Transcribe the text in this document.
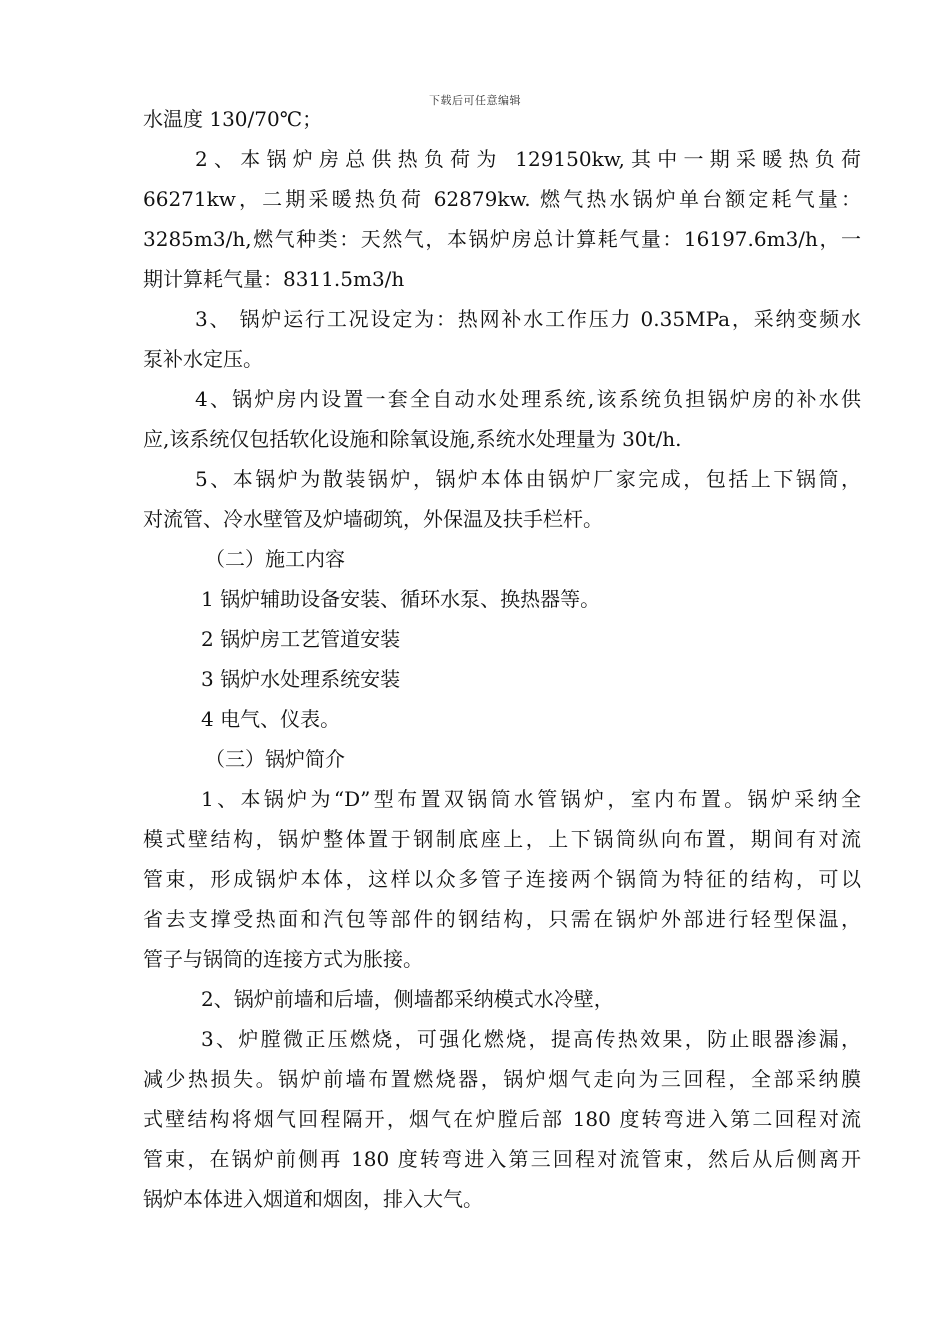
下载后可任意编辑
水温度 130/70℃；
2、本锅炉房总供热负荷为 129150kw,其中一期采暖热负荷
66271kw，二期采暖热负荷 62879kw. 燃气热水锅炉单台额定耗气量：
3285m3/h,燃气种类：天然气，本锅炉房总计算耗气量：16197.6m3/h，一
期计算耗气量：8311.5m3/h
3、 锅炉运行工况设定为：热网补水工作压力 0.35MPa，采纳变频水
泵补水定压。
4、锅炉房内设置一套全自动水处理系统,该系统负担锅炉房的补水供
应,该系统仅包括软化设施和除氧设施,系统水处理量为 30t/h.
5、本锅炉为散装锅炉，锅炉本体由锅炉厂家完成，包括上下锅筒，
对流管、冷水壁管及炉墙砌筑，外保温及扶手栏杆。
（二）施工内容
1 锅炉辅助设备安装、循环水泵、换热器等。
2 锅炉房工艺管道安装
3 锅炉水处理系统安装
4 电气、仪表。
（三）锅炉简介
1、本锅炉为“D”型布置双锅筒水管锅炉，室内布置。锅炉采纳全
模式壁结构，锅炉整体置于钢制底座上，上下锅筒纵向布置，期间有对流
管束，形成锅炉本体，这样以众多管子连接两个锅筒为特征的结构，可以
省去支撑受热面和汽包等部件的钢结构，只需在锅炉外部进行轻型保温，
管子与锅筒的连接方式为胀接。
2、锅炉前墙和后墙，侧墙都采纳模式水冷壁，
3、炉膛微正压燃烧，可强化燃烧，提高传热效果，防止眼器渗漏，
减少热损失。锅炉前墙布置燃烧器，锅炉烟气走向为三回程，全部采纳膜
式壁结构将烟气回程隔开，烟气在炉膛后部 180 度转弯进入第二回程对流
管束，在锅炉前侧再 180 度转弯进入第三回程对流管束，然后从后侧离开
锅炉本体进入烟道和烟囱，排入大气。
